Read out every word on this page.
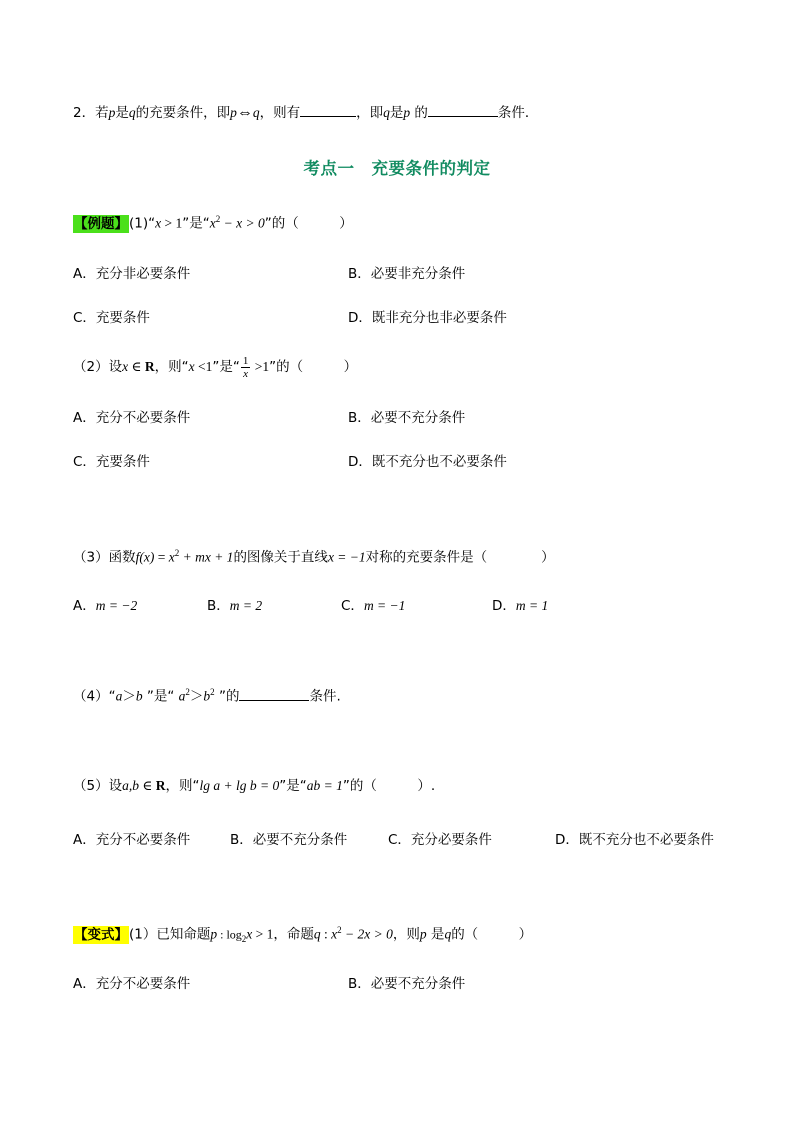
2．若p是q的充要条件，即p⇔q，则有	，即q是p 的	条件．
考点一　充要条件的判定
【例题】(1)“x > 1”是“$x^2 - x > 0$”的（　　　）
A．充分非必要条件	B．必要非充分条件
C．充要条件	D．既非充分也非必要条件
（2）设x ∈ R，则“x <1”是“ $\frac{1}{x} >1$”的（　　　）
A．充分不必要条件	B．必要不充分条件
C．充要条件	D．既不充分也不必要条件
（3）函数$f(x) = x^2$ + mx + 1的图像关于直线x = −1对称的充要条件是（　　　　）
A．m = −2	B．m = 2	C．m = −1	D．m = 1
（4）“a＞b ”是“ $a^2>b^2$ ”的	条件.
（5）设a,b ∈ R，则“lg a + lg b = 0”是“ab = 1”的（　　　）.
A．充分不必要条件	B．必要不充分条件	C．充分必要条件	D．既不充分也不必要条件
【变式】(1）已知命题p : $\log_2x > 1$，命题q : $x^2 - 2x > 0$，则p 是q的（　　　）
A．充分不必要条件	B．必要不充分条件
